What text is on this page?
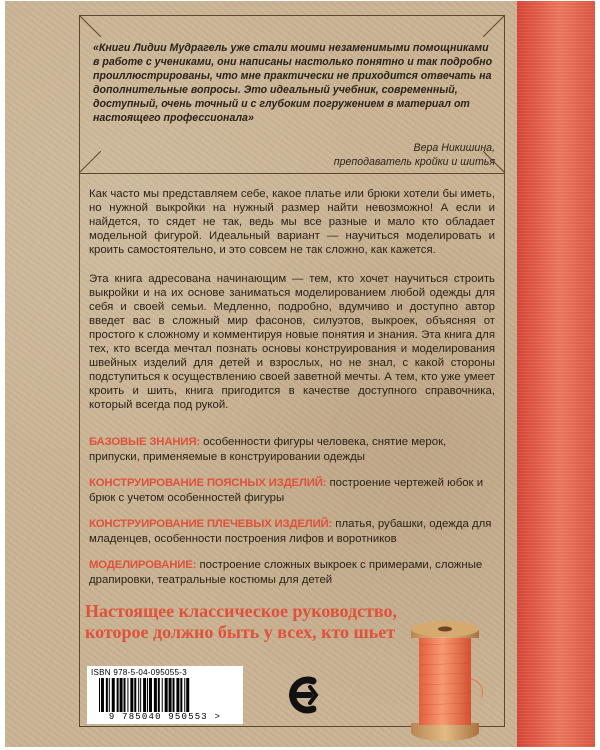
«Книги Лидии Мудрагель уже стали моими незаменимыми помощниками в работе с учениками, они написаны настолько понятно и так подробно проиллюстрированы, что мне практически не приходится отвечать на дополнительные вопросы. Это идеальный учебник, современный, доступный, очень точный и с глубоким погружением в материал от настоящего профессионала»
Вера Никишина,
преподаватель кройки и шитья
Как часто мы представляем себе, какое платье или брюки хотели бы иметь, но нужной выкройки на нужный размер найти невозможно! А если и найдется, то сядет не так, ведь мы все разные и мало кто обладает модельной фигурой. Идеальный вариант — научиться моделировать и кроить самостоятельно, и это совсем не так сложно, как кажется.
Эта книга адресована начинающим — тем, кто хочет научиться строить выкройки и на их основе заниматься моделированием любой одежды для себя и своей семьи. Медленно, подробно, вдумчиво и доступно автор введет вас в сложный мир фасонов, силуэтов, выкроек, объясняя от простого к сложному и комментируя новые понятия и знания. Эта книга для тех, кто всегда мечтал познать основы конструирования и моделирования швейных изделий для детей и взрослых, но не знал, с какой стороны подступиться к осуществлению своей заветной мечты. А тем, кто уже умеет кроить и шить, книга пригодится в качестве доступного справочника, который всегда под рукой.
БАЗОВЫЕ ЗНАНИЯ: особенности фигуры человека, снятие мерок, припуски, применяемые в конструировании одежды
КОНСТРУИРОВАНИЕ ПОЯСНЫХ ИЗДЕЛИЙ: построение чертежей юбок и брюк с учетом особенностей фигуры
КОНСТРУИРОВАНИЕ ПЛЕЧЕВЫХ ИЗДЕЛИЙ: платья, рубашки, одежда для младенцев, особенности построения лифов и воротников
МОДЕЛИРОВАНИЕ: построение сложных выкроек с примерами, сложные драпировки, театральные костюмы для детей
Настоящее классическое руководство,
которое должно быть у всех, кто шьет
ISBN 978-5-04-095055-3
9 785040 950553 >
